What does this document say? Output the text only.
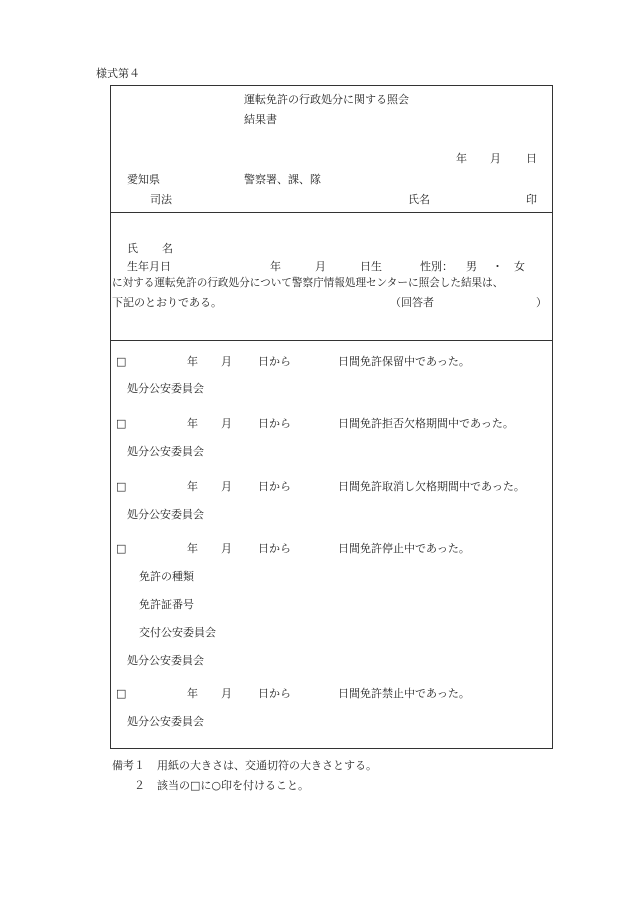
様式第４
運転免許の行政処分に関する照会
結果書
年 月 日
愛知県	警察署、課、隊
司法	氏名	印
氏 名
生年月日	年	月	日生	性別： 男 ・ 女
に対する運転免許の行政処分について警察庁情報処理センターに照会した結果は、
下記のとおりである。	（回答者	）
□	年 月 日から	日間免許保留中であった。
処分公安委員会
□	年 月 日から	日間免許拒否欠格期間中であった。
処分公安委員会
□	年 月 日から	日間免許取消し欠格期間中であった。
処分公安委員会
□	年 月 日から	日間免許停止中であった。
免許の種類
免許証番号
交付公安委員会
処分公安委員会
□	年 月 日から	日間免許禁止中であった。
処分公安委員会
備考１ 用紙の大きさは、交通切符の大きさとする。
２ 該当の□に○印を付けること。
